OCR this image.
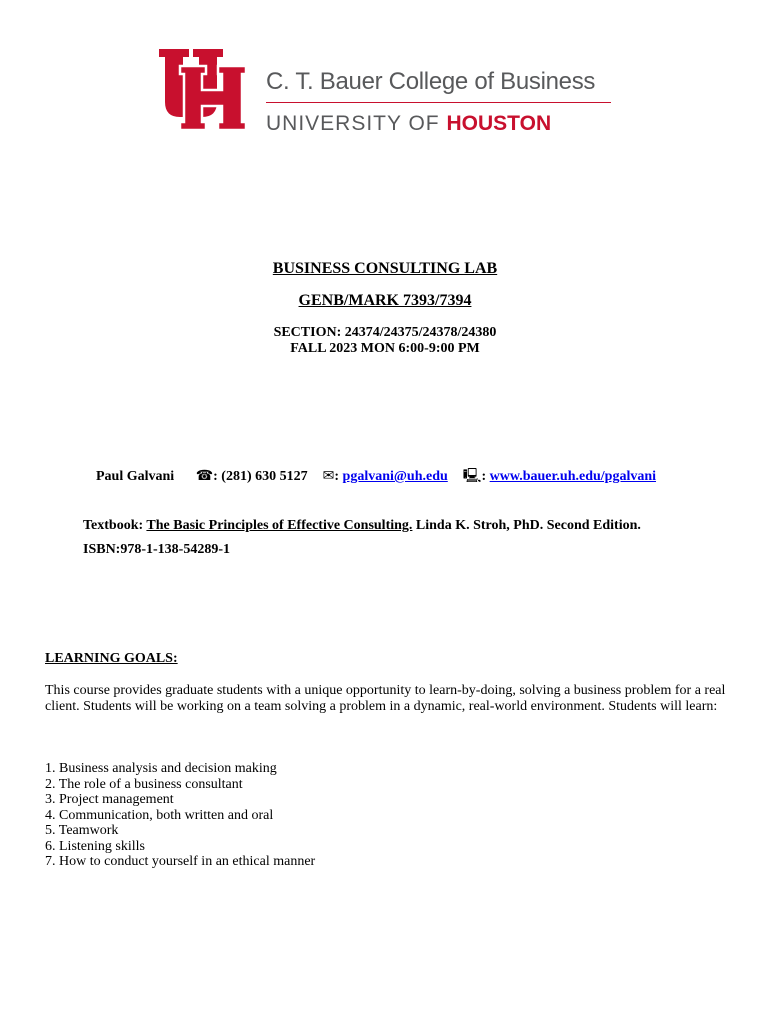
C. T. Bauer College of Business
UNIVERSITY OF HOUSTON
BUSINESS CONSULTING LAB
GENB/MARK 7393/7394
SECTION: 24374/24375/24378/24380
FALL 2023 MON 6:00-9:00 PM
Paul Galvani ☎: (281) 630 5127 ✉: pgalvani@uh.edu 🖳: www.bauer.uh.edu/pgalvani
Textbook: The Basic Principles of Effective Consulting. Linda K. Stroh, PhD. Second Edition.
ISBN:978-1-138-54289-1
LEARNING GOALS:
This course provides graduate students with a unique opportunity to learn-by-doing, solving a business problem for a real client. Students will be working on a team solving a problem in a dynamic, real-world environment. Students will learn:
1. Business analysis and decision making
2. The role of a business consultant
3. Project management
4. Communication, both written and oral
5. Teamwork
6. Listening skills
7. How to conduct yourself in an ethical manner
